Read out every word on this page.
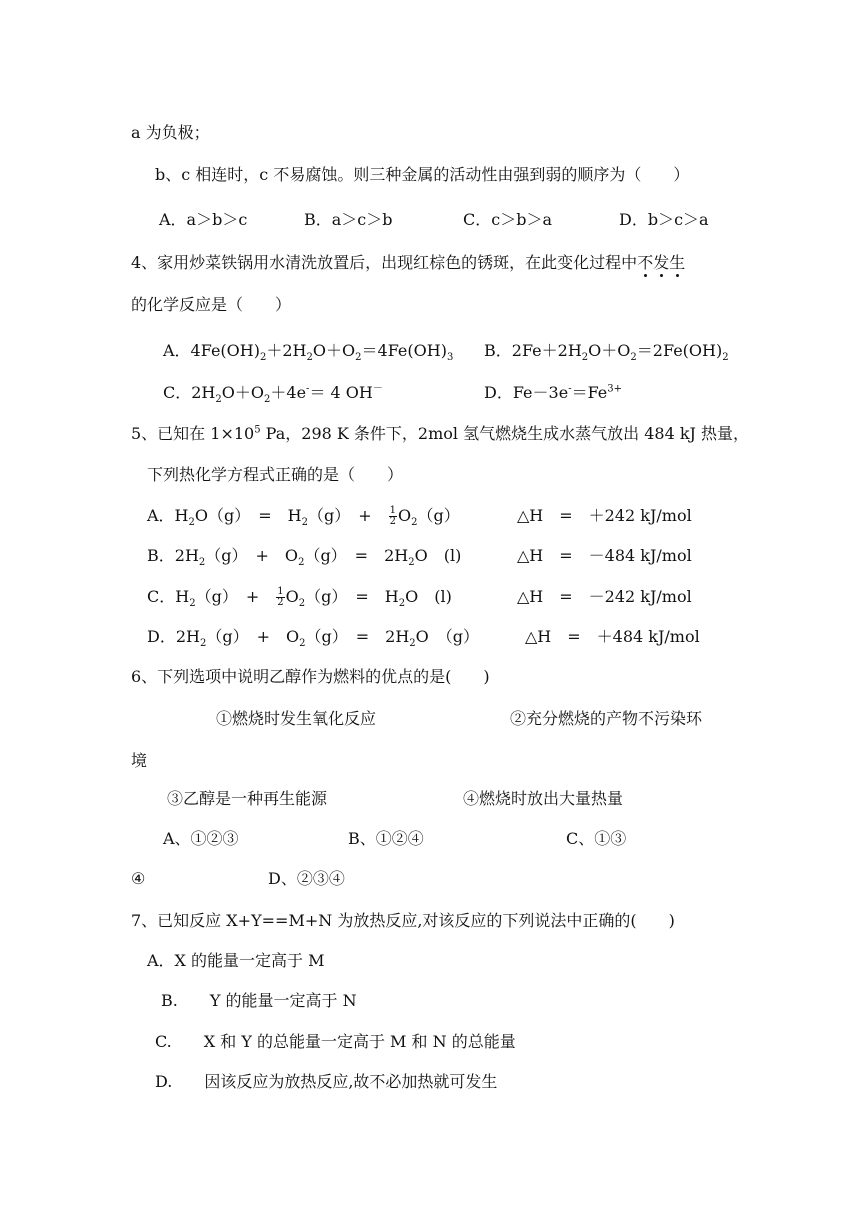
a 为负极；
b、c 相连时，c 不易腐蚀。则三种金属的活动性由强到弱的顺序为（　　）
A．a＞b＞c	B．a＞c＞b	C．c＞b＞a	D．b＞c＞a
4、家用炒菜铁锅用水清洗放置后，出现红棕色的锈斑，在此变化过程中不发生
的化学反应是（　　）
A．$4Fe(OH)_2+2H_2O+O_2=4Fe(OH)_3$ B．$2Fe+2H_2O+O_2=2Fe(OH)_2$
C．$2H_2O+O_2+4e^-= 4$ OH－	D．$Fe-3e^-=Fe^{3+}$
5、已知在 $1\times 10^5$ Pa，298 K 条件下，2mol 氢气燃烧生成水蒸气放出 484 kJ 热量，
下列热化学方程式正确的是（　　）
A．$H_2O(g)$　=　$H_2(g)$　+　 $\frac{1}{2} O_2(g)$	△H　=　＋242 kJ/mol
B．$2H_2(g)$　+　$O_2(g)$　=　$2H_2O$　(l)	△H　=　－484 kJ/mol
C．$H_2(g)$　+　 $\frac{1}{2} O_2(g)$　=　$H_2O$　(l)	△H　=　－242 kJ/mol
D．$2H_2(g)$　+　$O_2(g)$　=　$2H_2O$　（g）	△H　=　＋484 kJ/mol
6、下列选项中说明乙醇作为燃料的优点的是(　　)
①燃烧时发生氧化反应	②充分燃烧的产物不污染环
境
③乙醇是一种再生能源	④燃烧时放出大量热量
A、①②③	B、①②④	C、①③
④	D、②③④
7、已知反应 X+Y==M+N 为放热反应,对该反应的下列说法中正确的(　　)
A．X 的能量一定高于 M
B.　　Y 的能量一定高于 N
C.　　X 和 Y 的总能量一定高于 M 和 N 的总能量
D.　　因该反应为放热反应,故不必加热就可发生
